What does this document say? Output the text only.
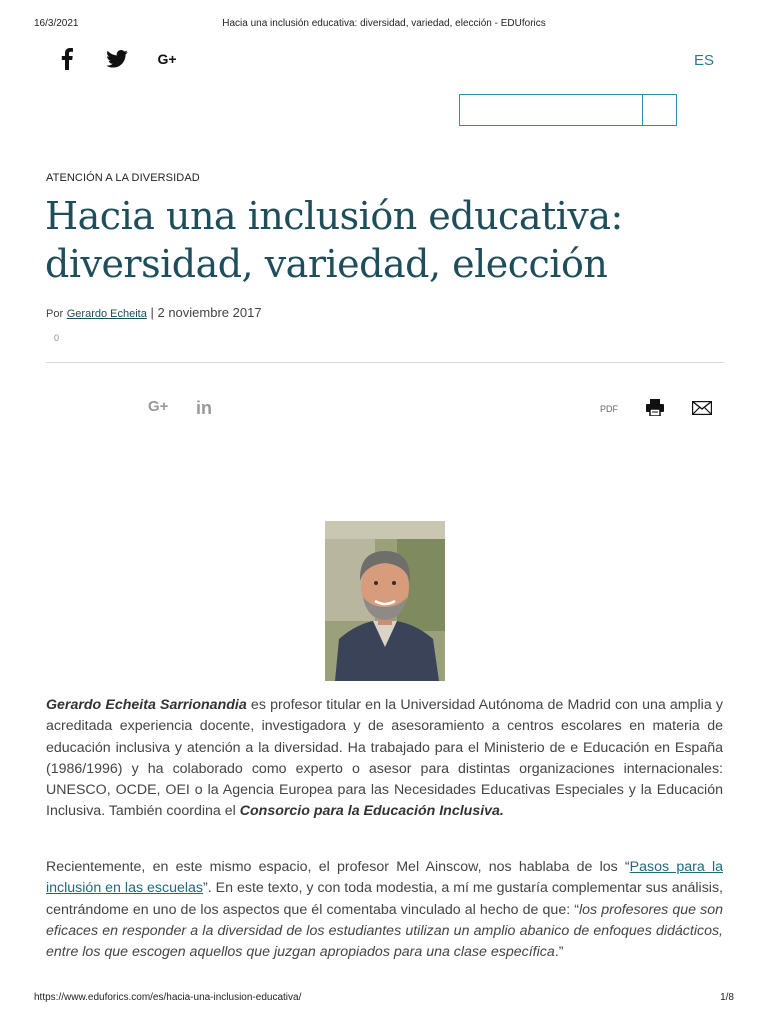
16/3/2021	Hacia una inclusión educativa: diversidad, variedad, elección - EDUforics
G+	ES
ATENCIÓN A LA DIVERSIDAD
Hacia una inclusión educativa:
diversidad, variedad, elección
Por Gerardo Echeita | 2 noviembre 2017
0
G+ in	PDF

Gerardo Echeita Sarrionandia es profesor titular en la Universidad Autónoma de Madrid con una amplia y acreditada experiencia docente, investigadora y de asesoramiento a centros escolares en materia de educación inclusiva y atención a la diversidad. Ha trabajado para el Ministerio de e Educación en España (1986/1996) y ha colaborado como experto o asesor para distintas organizaciones internacionales: UNESCO, OCDE, OEI o la Agencia Europea para las Necesidades Educativas Especiales y la Educación Inclusiva. También coordina el Consorcio para la Educación Inclusiva.

Recientemente, en este mismo espacio, el profesor Mel Ainscow, nos hablaba de los “Pasos para la inclusión en las escuelas”. En este texto, y con toda modestia, a mí me gustaría complementar sus análisis, centrándome en uno de los aspectos que él comentaba vinculado al hecho de que: “los profesores que son eficaces en responder a la diversidad de los estudiantes utilizan un amplio abanico de enfoques didácticos, entre los que escogen aquellos que juzgan apropiados para una clase específica.”

https://www.eduforics.com/es/hacia-una-inclusion-educativa/	1/8
